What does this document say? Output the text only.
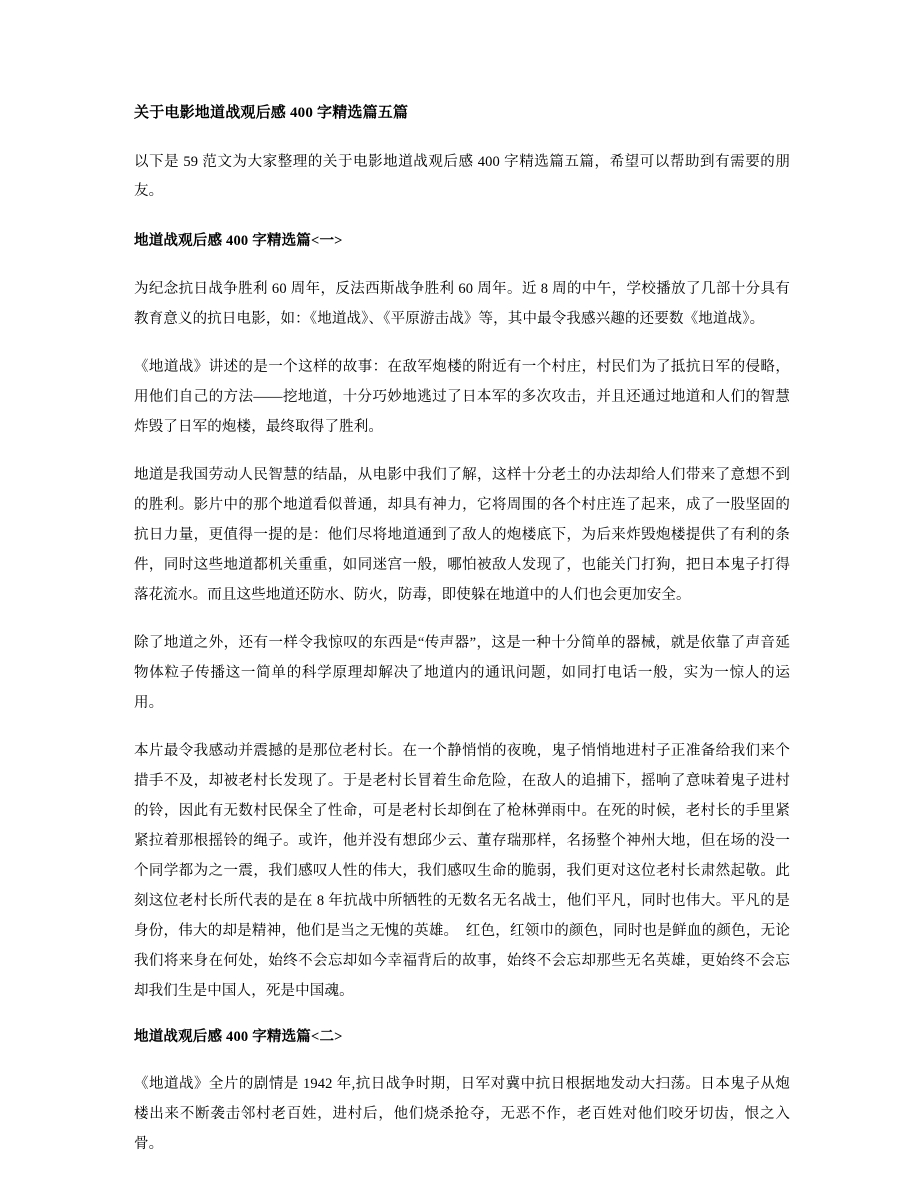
关于电影地道战观后感 400 字精选篇五篇

以下是 59 范文为大家整理的关于电影地道战观后感 400 字精选篇五篇，希望可以帮助到有需要的朋友。

地道战观后感 400 字精选篇<一>

为纪念抗日战争胜利 60 周年，反法西斯战争胜利 60 周年。近 8 周的中午，学校播放了几部十分具有教育意义的抗日电影，如：《地道战》、《平原游击战》等，其中最令我感兴趣的还要数《地道战》。

《地道战》讲述的是一个这样的故事：在敌军炮楼的附近有一个村庄，村民们为了抵抗日军的侵略，用他们自己的方法——挖地道，十分巧妙地逃过了日本军的多次攻击，并且还通过地道和人们的智慧炸毁了日军的炮楼，最终取得了胜利。

地道是我国劳动人民智慧的结晶，从电影中我们了解，这样十分老土的办法却给人们带来了意想不到的胜利。影片中的那个地道看似普通，却具有神力，它将周围的各个村庄连了起来，成了一股坚固的抗日力量，更值得一提的是：他们尽将地道通到了敌人的炮楼底下，为后来炸毁炮楼提供了有利的条件，同时这些地道都机关重重，如同迷宫一般，哪怕被敌人发现了，也能关门打狗，把日本鬼子打得落花流水。而且这些地道还防水、防火，防毒，即使躲在地道中的人们也会更加安全。

除了地道之外，还有一样令我惊叹的东西是“传声器”，这是一种十分简单的器械，就是依靠了声音延物体粒子传播这一简单的科学原理却解决了地道内的通讯问题，如同打电话一般，实为一惊人的运用。

本片最令我感动并震撼的是那位老村长。在一个静悄悄的夜晚，鬼子悄悄地进村子正准备给我们来个措手不及，却被老村长发现了。于是老村长冒着生命危险，在敌人的追捕下，摇响了意味着鬼子进村的铃，因此有无数村民保全了性命，可是老村长却倒在了枪林弹雨中。在死的时候，老村长的手里紧紧拉着那根摇铃的绳子。或许，他并没有想邱少云、董存瑞那样，名扬整个神州大地，但在场的没一个同学都为之一震，我们感叹人性的伟大，我们感叹生命的脆弱，我们更对这位老村长肃然起敬。此刻这位老村长所代表的是在 8 年抗战中所牺牲的无数名无名战士，他们平凡，同时也伟大。平凡的是身份，伟大的却是精神，他们是当之无愧的英雄。　红色，红领巾的颜色，同时也是鲜血的颜色，无论我们将来身在何处，始终不会忘却如今幸福背后的故事，始终不会忘却那些无名英雄，更始终不会忘却我们生是中国人，死是中国魂。

地道战观后感 400 字精选篇<二>

《地道战》全片的剧情是 1942 年,抗日战争时期，日军对冀中抗日根据地发动大扫荡。日本鬼子从炮楼出来不断袭击邻村老百姓，进村后，他们烧杀抢夺，无恶不作，老百姓对他们咬牙切齿，恨之入骨。
